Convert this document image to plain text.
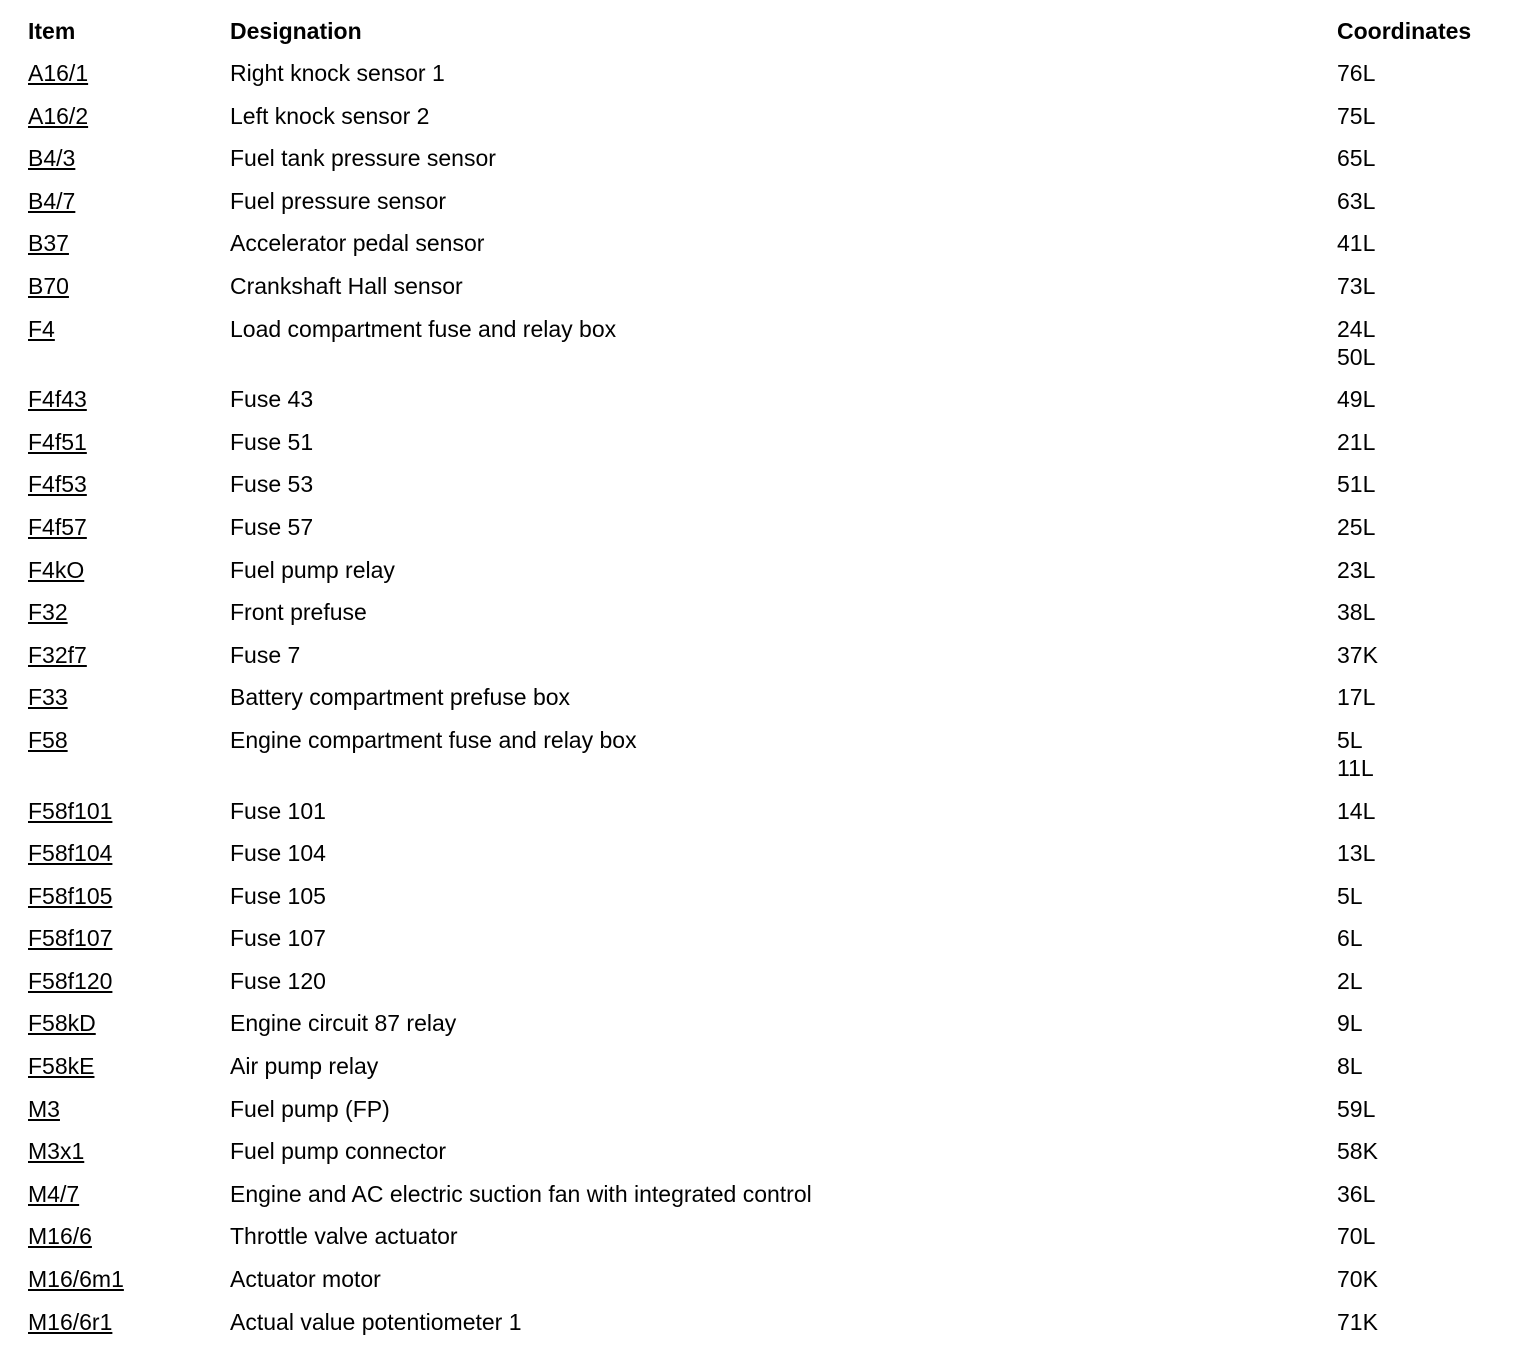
Item	Designation	Coordinates
A16/1	Right knock sensor 1	76L
A16/2	Left knock sensor 2	75L
B4/3	Fuel tank pressure sensor	65L
B4/7	Fuel pressure sensor	63L
B37	Accelerator pedal sensor	41L
B70	Crankshaft Hall sensor	73L
F4	Load compartment fuse and relay box	24L
50L
F4f43	Fuse 43	49L
F4f51	Fuse 51	21L
F4f53	Fuse 53	51L
F4f57	Fuse 57	25L
F4kO	Fuel pump relay	23L
F32	Front prefuse	38L
F32f7	Fuse 7	37K
F33	Battery compartment prefuse box	17L
F58	Engine compartment fuse and relay box	5L
11L
F58f101	Fuse 101	14L
F58f104	Fuse 104	13L
F58f105	Fuse 105	5L
F58f107	Fuse 107	6L
F58f120	Fuse 120	2L
F58kD	Engine circuit 87 relay	9L
F58kE	Air pump relay	8L
M3	Fuel pump (FP)	59L
M3x1	Fuel pump connector	58K
M4/7	Engine and AC electric suction fan with integrated control	36L
M16/6	Throttle valve actuator	70L
M16/6m1	Actuator motor	70K
M16/6r1	Actual value potentiometer 1	71K
